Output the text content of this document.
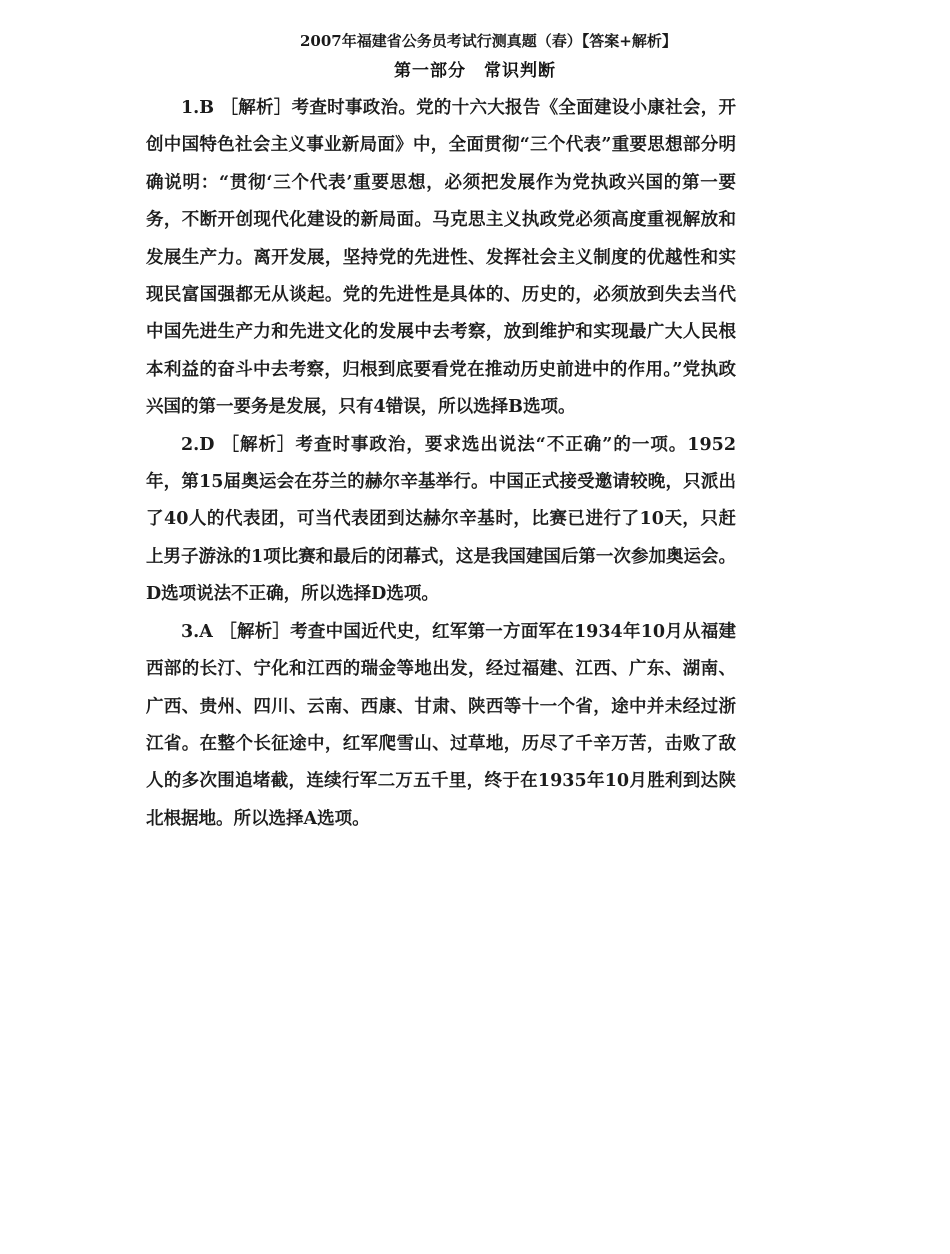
2007年福建省公务员考试行测真题（春）【答案+解析】
第一部分　常识判断

1.B ［解析］考查时事政治。党的十六大报告《全面建设小康社会，开创中国特色社会主义事业新局面》中，全面贯彻“三个代表”重要思想部分明确说明：“贯彻‘三个代表’重要思想，必须把发展作为党执政兴国的第一要务，不断开创现代化建设的新局面。马克思主义执政党必须高度重视解放和发展生产力。离开发展，坚持党的先进性、发挥社会主义制度的优越性和实现民富国强都无从谈起。党的先进性是具体的、历史的，必须放到失去当代中国先进生产力和先进文化的发展中去考察，放到维护和实现最广大人民根本利益的奋斗中去考察，归根到底要看党在推动历史前进中的作用。”党执政兴国的第一要务是发展，只有4错误，所以选择B选项。

2.D ［解析］考查时事政治，要求选出说法“不正确”的一项。1952年，第15届奥运会在芬兰的赫尔辛基举行。中国正式接受邀请较晚，只派出了40人的代表团，可当代表团到达赫尔辛基时，比赛已进行了10天，只赶上男子游泳的1项比赛和最后的闭幕式，这是我国建国后第一次参加奥运会。D选项说法不正确，所以选择D选项。

3.A ［解析］考查中国近代史，红军第一方面军在1934年10月从福建西部的长汀、宁化和江西的瑞金等地出发，经过福建、江西、广东、湖南、广西、贵州、四川、云南、西康、甘肃、陕西等十一个省，途中并未经过浙江省。在整个长征途中，红军爬雪山、过草地，历尽了千辛万苦，击败了敌人的多次围追堵截，连续行军二万五千里，终于在1935年10月胜利到达陕北根据地。所以选择A选项。
